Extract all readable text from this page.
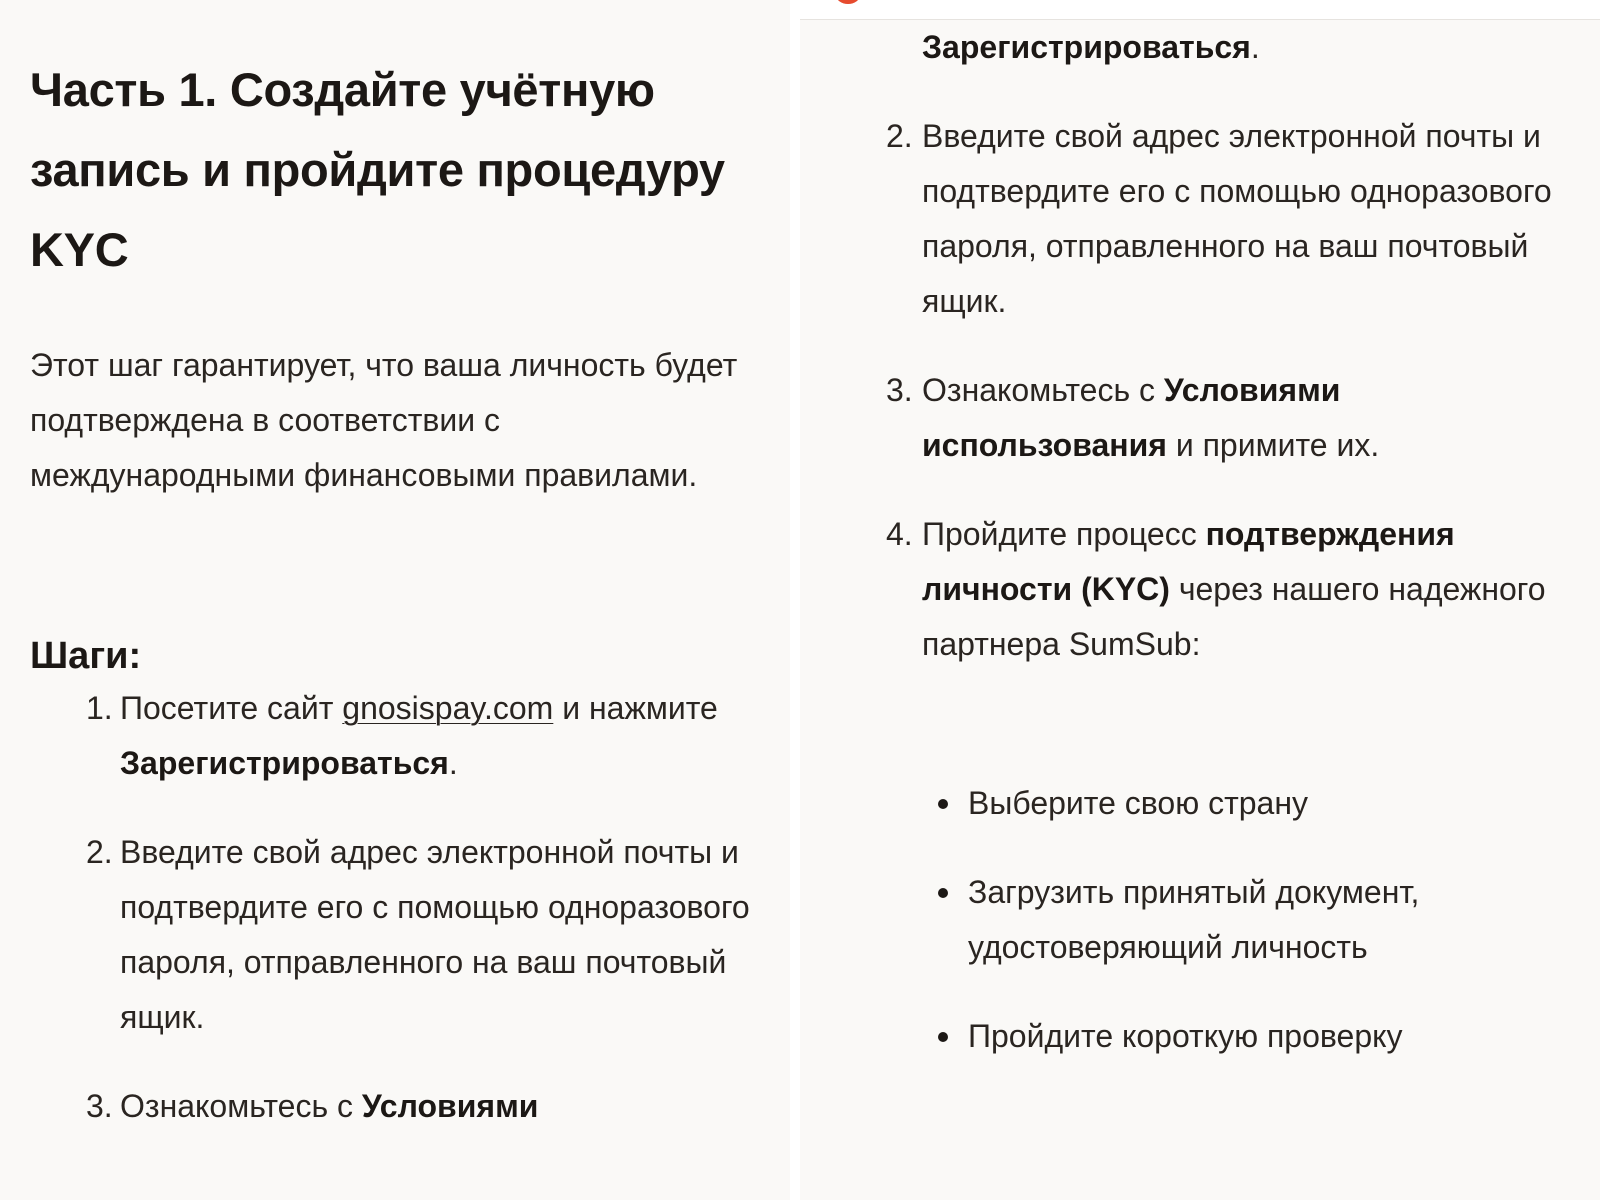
Часть 1. Создайте учётную запись и пройдите процедуру KYC

Этот шаг гарантирует, что ваша личность будет подтверждена в соответствии с международными финансовыми правилами.

Шаги:
1. Посетите сайт gnosispay.com и нажмите Зарегистрироваться.
2. Введите свой адрес электронной почты и подтвердите его с помощью одноразового пароля, отправленного на ваш почтовый ящик.
3. Ознакомьтесь с Условиями
Зарегистрироваться.
2. Введите свой адрес электронной почты и подтвердите его с помощью одноразового пароля, отправленного на ваш почтовый ящик.
3. Ознакомьтесь с Условиями использования и примите их.
4. Пройдите процесс подтверждения личности (KYC) через нашего надежного партнера SumSub:
Выберите свою страну
Загрузить принятый документ, удостоверяющий личность
Пройдите короткую проверку
